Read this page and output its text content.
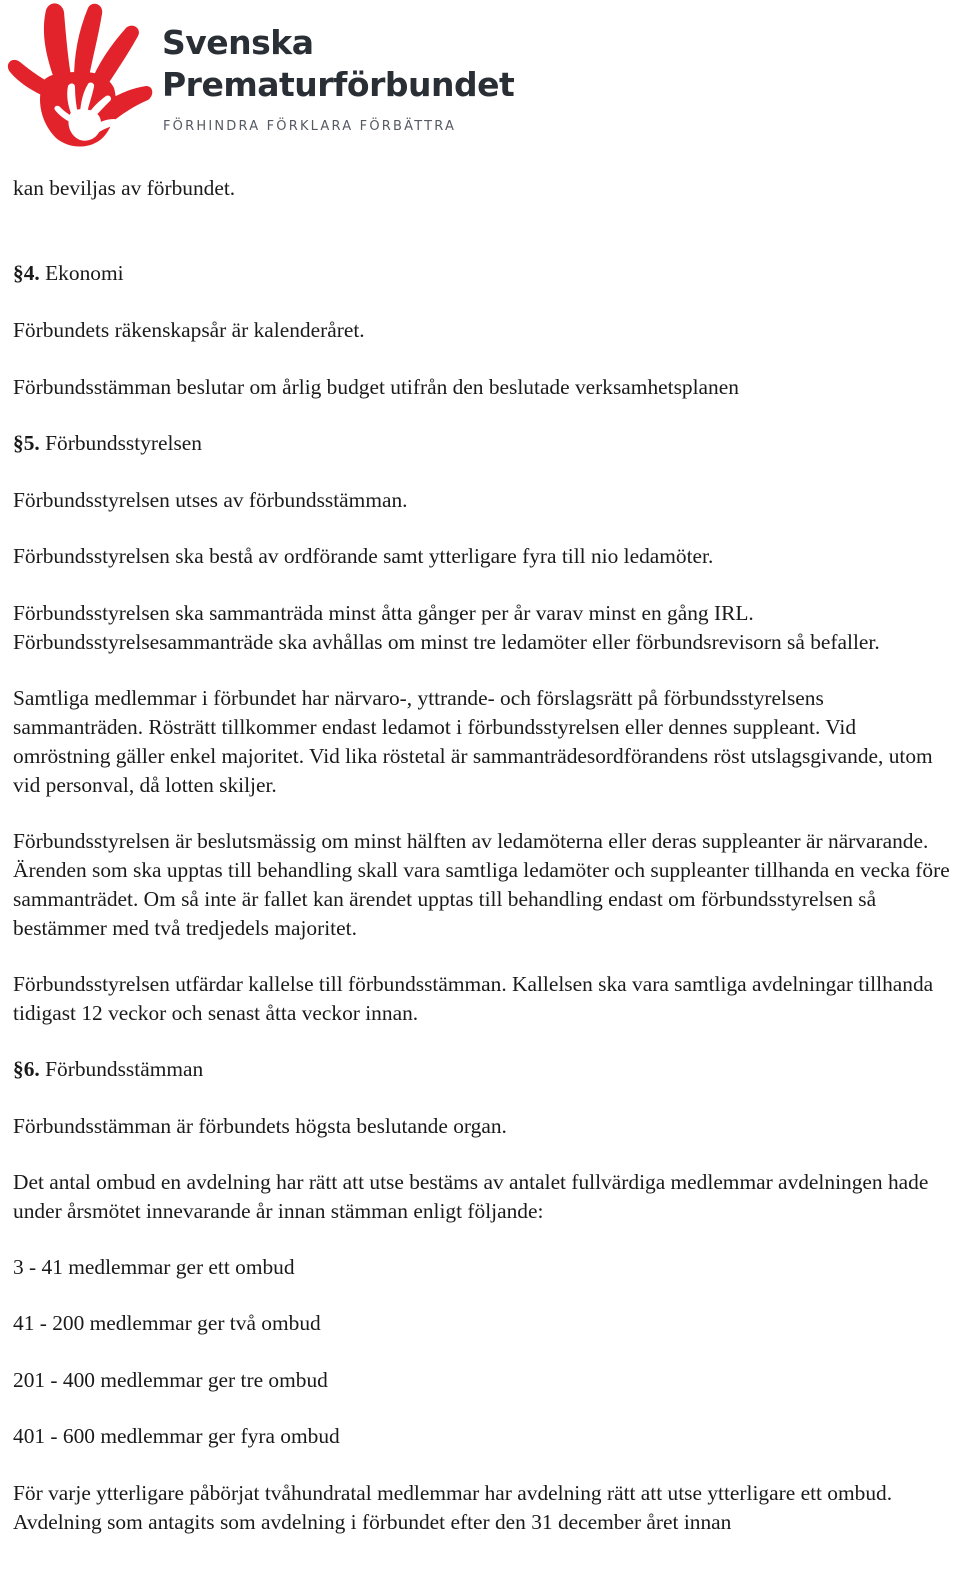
Svenska
Prematurförbundet
FÖRHINDRA FÖRKLARA FÖRBÄTTRA

kan beviljas av förbundet.

§4. Ekonomi

Förbundets räkenskapsår är kalenderåret.

Förbundsstämman beslutar om årlig budget utifrån den beslutade verksamhetsplanen

§5. Förbundsstyrelsen

Förbundsstyrelsen utses av förbundsstämman.

Förbundsstyrelsen ska bestå av ordförande samt ytterligare fyra till nio ledamöter.

Förbundsstyrelsen ska sammanträda minst åtta gånger per år varav minst en gång IRL. Förbundsstyrelsesammanträde ska avhållas om minst tre ledamöter eller förbundsrevisorn så befaller.

Samtliga medlemmar i förbundet har närvaro-, yttrande- och förslagsrätt på förbundsstyrelsens sammanträden. Rösträtt tillkommer endast ledamot i förbundsstyrelsen eller dennes suppleant. Vid omröstning gäller enkel majoritet. Vid lika röstetal är sammanträdesordförandens röst utslagsgivande, utom vid personval, då lotten skiljer.

Förbundsstyrelsen är beslutsmässig om minst hälften av ledamöterna eller deras suppleanter är närvarande. Ärenden som ska upptas till behandling skall vara samtliga ledamöter och suppleanter tillhanda en vecka före sammanträdet. Om så inte är fallet kan ärendet upptas till behandling endast om förbundsstyrelsen så bestämmer med två tredjedels majoritet.

Förbundsstyrelsen utfärdar kallelse till förbundsstämman. Kallelsen ska vara samtliga avdelningar tillhanda tidigast 12 veckor och senast åtta veckor innan.

§6. Förbundsstämman

Förbundsstämman är förbundets högsta beslutande organ.

Det antal ombud en avdelning har rätt att utse bestäms av antalet fullvärdiga medlemmar avdelningen hade under årsmötet innevarande år innan stämman enligt följande:

3 - 41 medlemmar ger ett ombud

41 - 200 medlemmar ger två ombud

201 - 400 medlemmar ger tre ombud

401 - 600 medlemmar ger fyra ombud

För varje ytterligare påbörjat tvåhundratal medlemmar har avdelning rätt att utse ytterligare ett ombud. Avdelning som antagits som avdelning i förbundet efter den 31 december året innan
